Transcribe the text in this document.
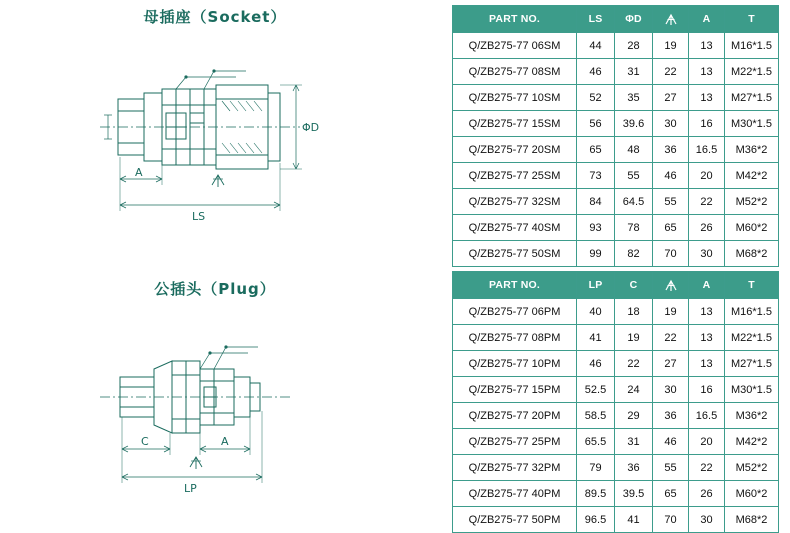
母插座（Socket）
ΦD
A
LS
公插头（Plug）
C	A
LP
PART NO.	LS	ΦD		A	T
Q/ZB275-77 06SM	44	28	19	13	M16*1.5
Q/ZB275-77 08SM	46	31	22	13	M22*1.5
Q/ZB275-77 10SM	52	35	27	13	M27*1.5
Q/ZB275-77 15SM	56	39.6	30	16	M30*1.5
Q/ZB275-77 20SM	65	48	36	16.5	M36*2
Q/ZB275-77 25SM	73	55	46	20	M42*2
Q/ZB275-77 32SM	84	64.5	55	22	M52*2
Q/ZB275-77 40SM	93	78	65	26	M60*2
Q/ZB275-77 50SM	99	82	70	30	M68*2
PART NO.	LP	C		A	T
Q/ZB275-77 06PM	40	18	19	13	M16*1.5
Q/ZB275-77 08PM	41	19	22	13	M22*1.5
Q/ZB275-77 10PM	46	22	27	13	M27*1.5
Q/ZB275-77 15PM	52.5	24	30	16	M30*1.5
Q/ZB275-77 20PM	58.5	29	36	16.5	M36*2
Q/ZB275-77 25PM	65.5	31	46	20	M42*2
Q/ZB275-77 32PM	79	36	55	22	M52*2
Q/ZB275-77 40PM	89.5	39.5	65	26	M60*2
Q/ZB275-77 50PM	96.5	41	70	30	M68*2
